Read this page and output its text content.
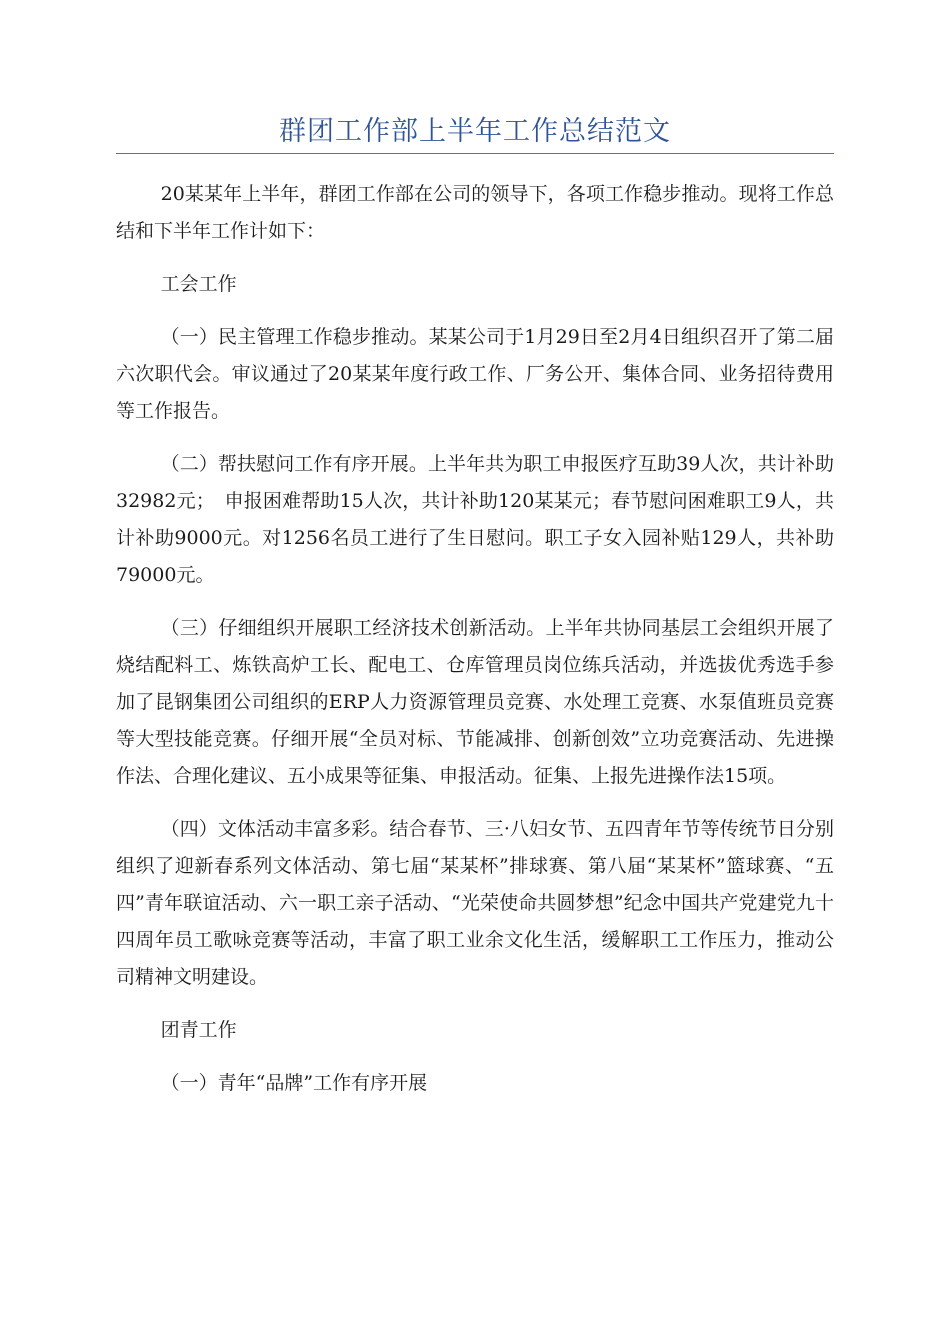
群团工作部上半年工作总结范文

20某某年上半年，群团工作部在公司的领导下，各项工作稳步推动。现将工作总结和下半年工作计如下：

工会工作

（一）民主管理工作稳步推动。某某公司于1月29日至2月4日组织召开了第二届六次职代会。审议通过了20某某年度行政工作、厂务公开、集体合同、业务招待费用等工作报告。

（二）帮扶慰问工作有序开展。上半年共为职工申报医疗互助39人次，共计补助32982元；　申报困难帮助15人次，共计补助120某某元；春节慰问困难职工9人，共计补助9000元。对1256名员工进行了生日慰问。职工子女入园补贴129人，共补助79000元。

（三）仔细组织开展职工经济技术创新活动。上半年共协同基层工会组织开展了烧结配料工、炼铁高炉工长、配电工、仓库管理员岗位练兵活动，并选拔优秀选手参加了昆钢集团公司组织的ERP人力资源管理员竞赛、水处理工竞赛、水泵值班员竞赛等大型技能竞赛。仔细开展“全员对标、节能减排、创新创效”立功竞赛活动、先进操作法、合理化建议、五小成果等征集、申报活动。征集、上报先进操作法15项。

（四）文体活动丰富多彩。结合春节、三·八妇女节、五四青年节等传统节日分别组织了迎新春系列文体活动、第七届“某某杯”排球赛、第八届“某某杯”篮球赛、“五四”青年联谊活动、六一职工亲子活动、“光荣使命共圆梦想”纪念中国共产党建党九十四周年员工歌咏竞赛等活动，丰富了职工业余文化生活，缓解职工工作压力，推动公司精神文明建设。

团青工作

（一）青年“品牌”工作有序开展
